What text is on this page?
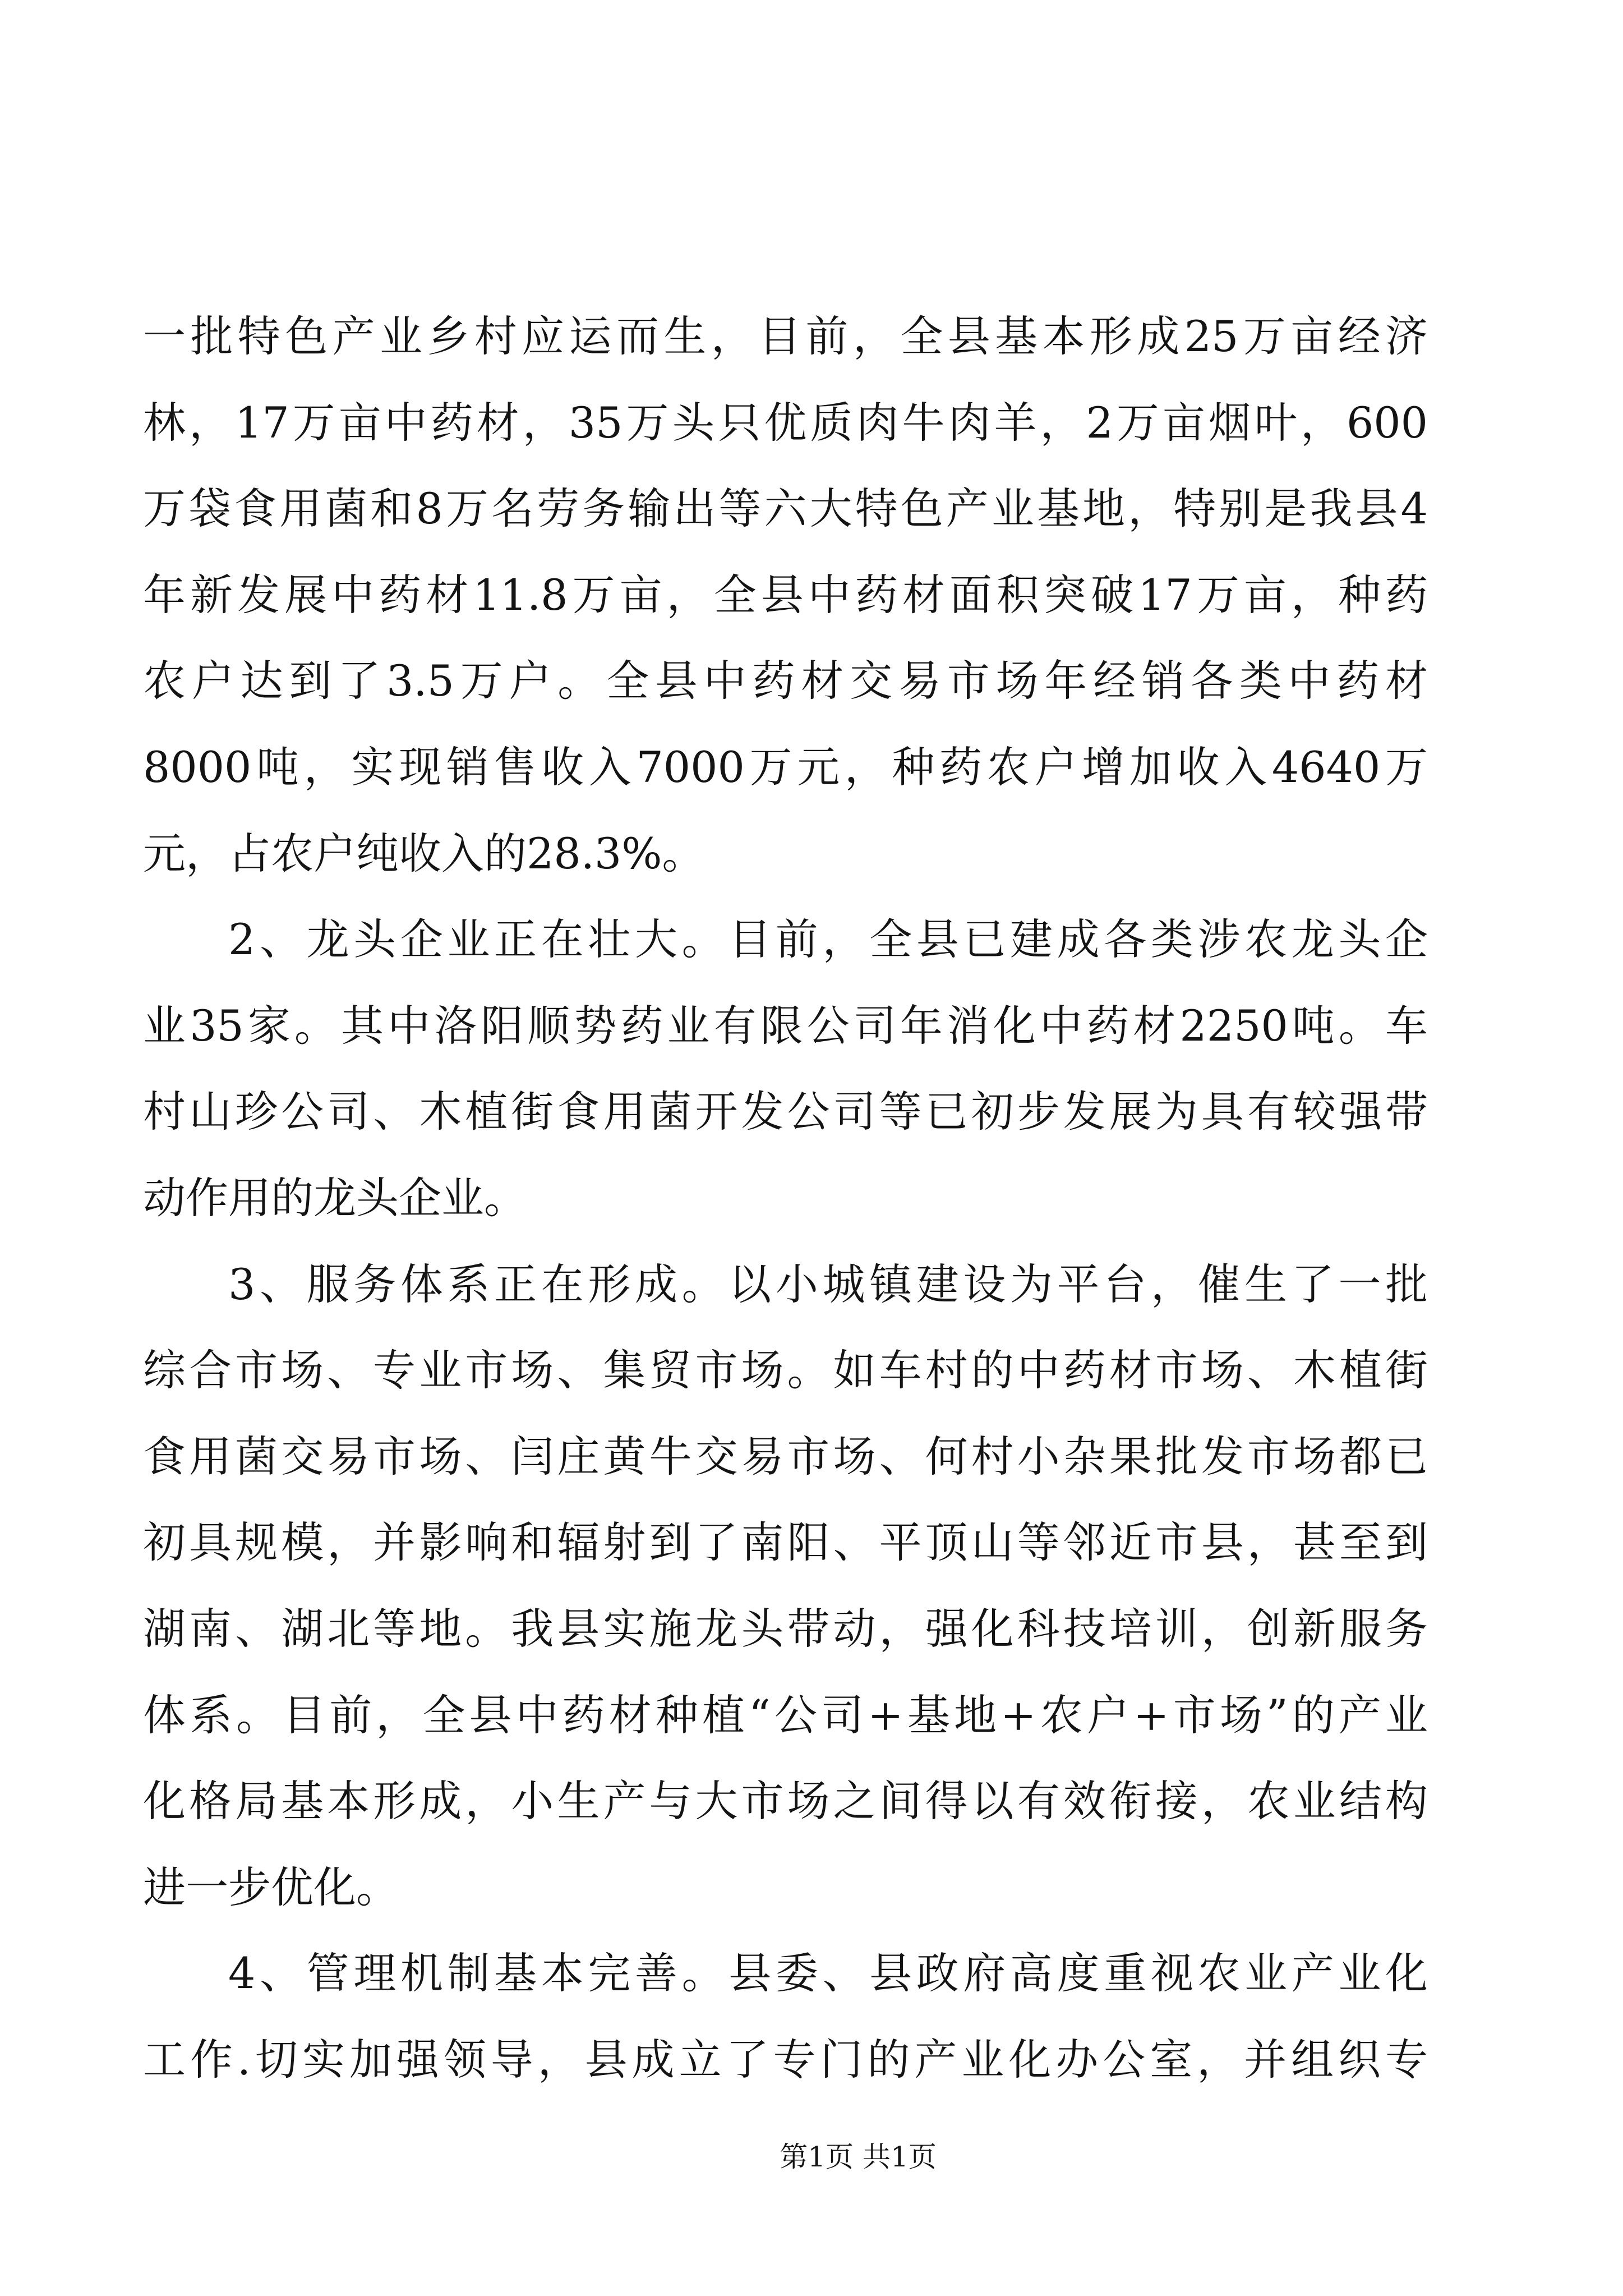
一批特色产业乡村应运而生，目前，全县基本形成25万亩经济
林，17万亩中药材，35万头只优质肉牛肉羊，2万亩烟叶，600
万袋食用菌和8万名劳务输出等六大特色产业基地，特别是我县4
年新发展中药材11.8万亩，全县中药材面积突破17万亩，种药
农户达到了3.5万户。全县中药材交易市场年经销各类中药材
8000吨，实现销售收入7000万元，种药农户增加收入4640万
元，占农户纯收入的28.3%。
2、龙头企业正在壮大。目前，全县已建成各类涉农龙头企
业35家。其中洛阳顺势药业有限公司年消化中药材2250吨。车
村山珍公司、木植街食用菌开发公司等已初步发展为具有较强带
动作用的龙头企业。
3、服务体系正在形成。以小城镇建设为平台，催生了一批
综合市场、专业市场、集贸市场。如车村的中药材市场、木植街
食用菌交易市场、闫庄黄牛交易市场、何村小杂果批发市场都已
初具规模，并影响和辐射到了南阳、平顶山等邻近市县，甚至到
湖南、湖北等地。我县实施龙头带动，强化科技培训，创新服务
体系。目前，全县中药材种植“公司+基地+农户+市场”的产业
化格局基本形成，小生产与大市场之间得以有效衔接，农业结构
进一步优化。
4、管理机制基本完善。县委、县政府高度重视农业产业化
工作.切实加强领导，县成立了专门的产业化办公室，并组织专
第1页 共1页
